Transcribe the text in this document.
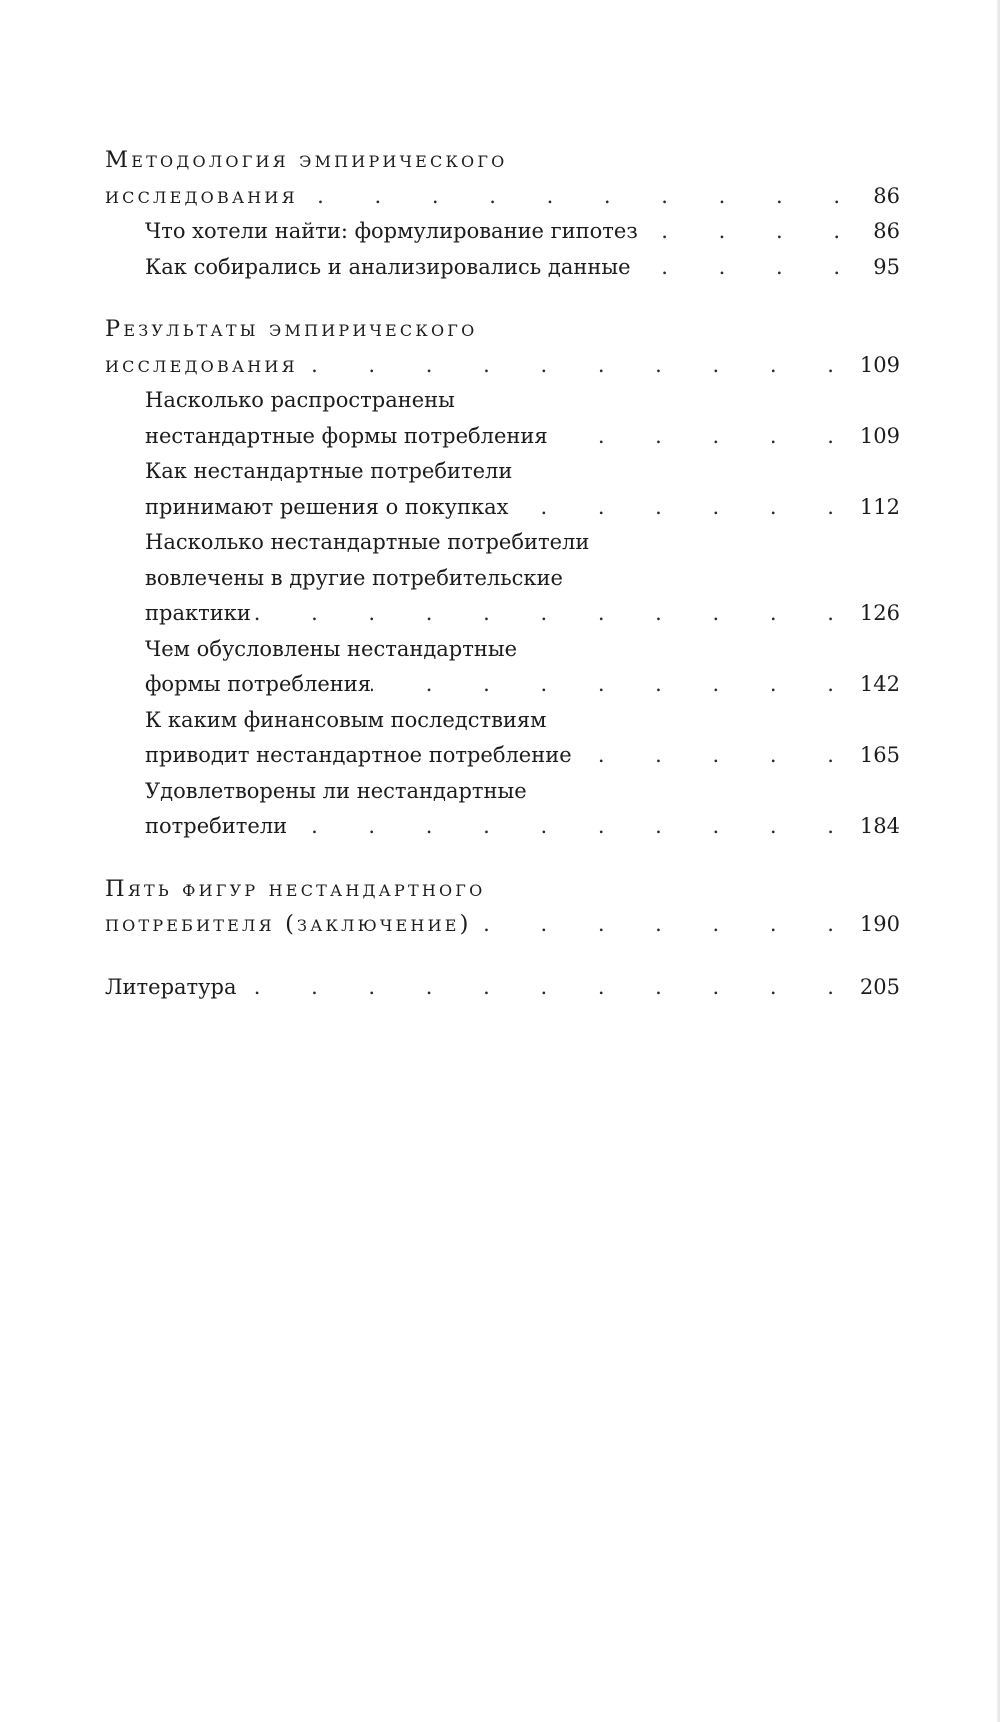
Методология эмпирического
исследования . . .	86
Что хотели найти: формулирование гипотез . . .	86
Как собирались и анализировались данные . . .	95
Результаты эмпирического
исследования . . .	109
Насколько распространены
нестандартные формы потребления . . .	109
Как нестандартные потребители
принимают решения о покупках . . .	112
Насколько нестандартные потребители
вовлечены в другие потребительские
практики . . .	126
Чем обусловлены нестандартные
формы потребления . . .	142
К каким финансовым последствиям
приводит нестандартное потребление . . .	165
Удовлетворены ли нестандартные
потребители . . .	184
Пять фигур нестандартного
потребителя (заключение) . . .	190
Литература . . .	205
